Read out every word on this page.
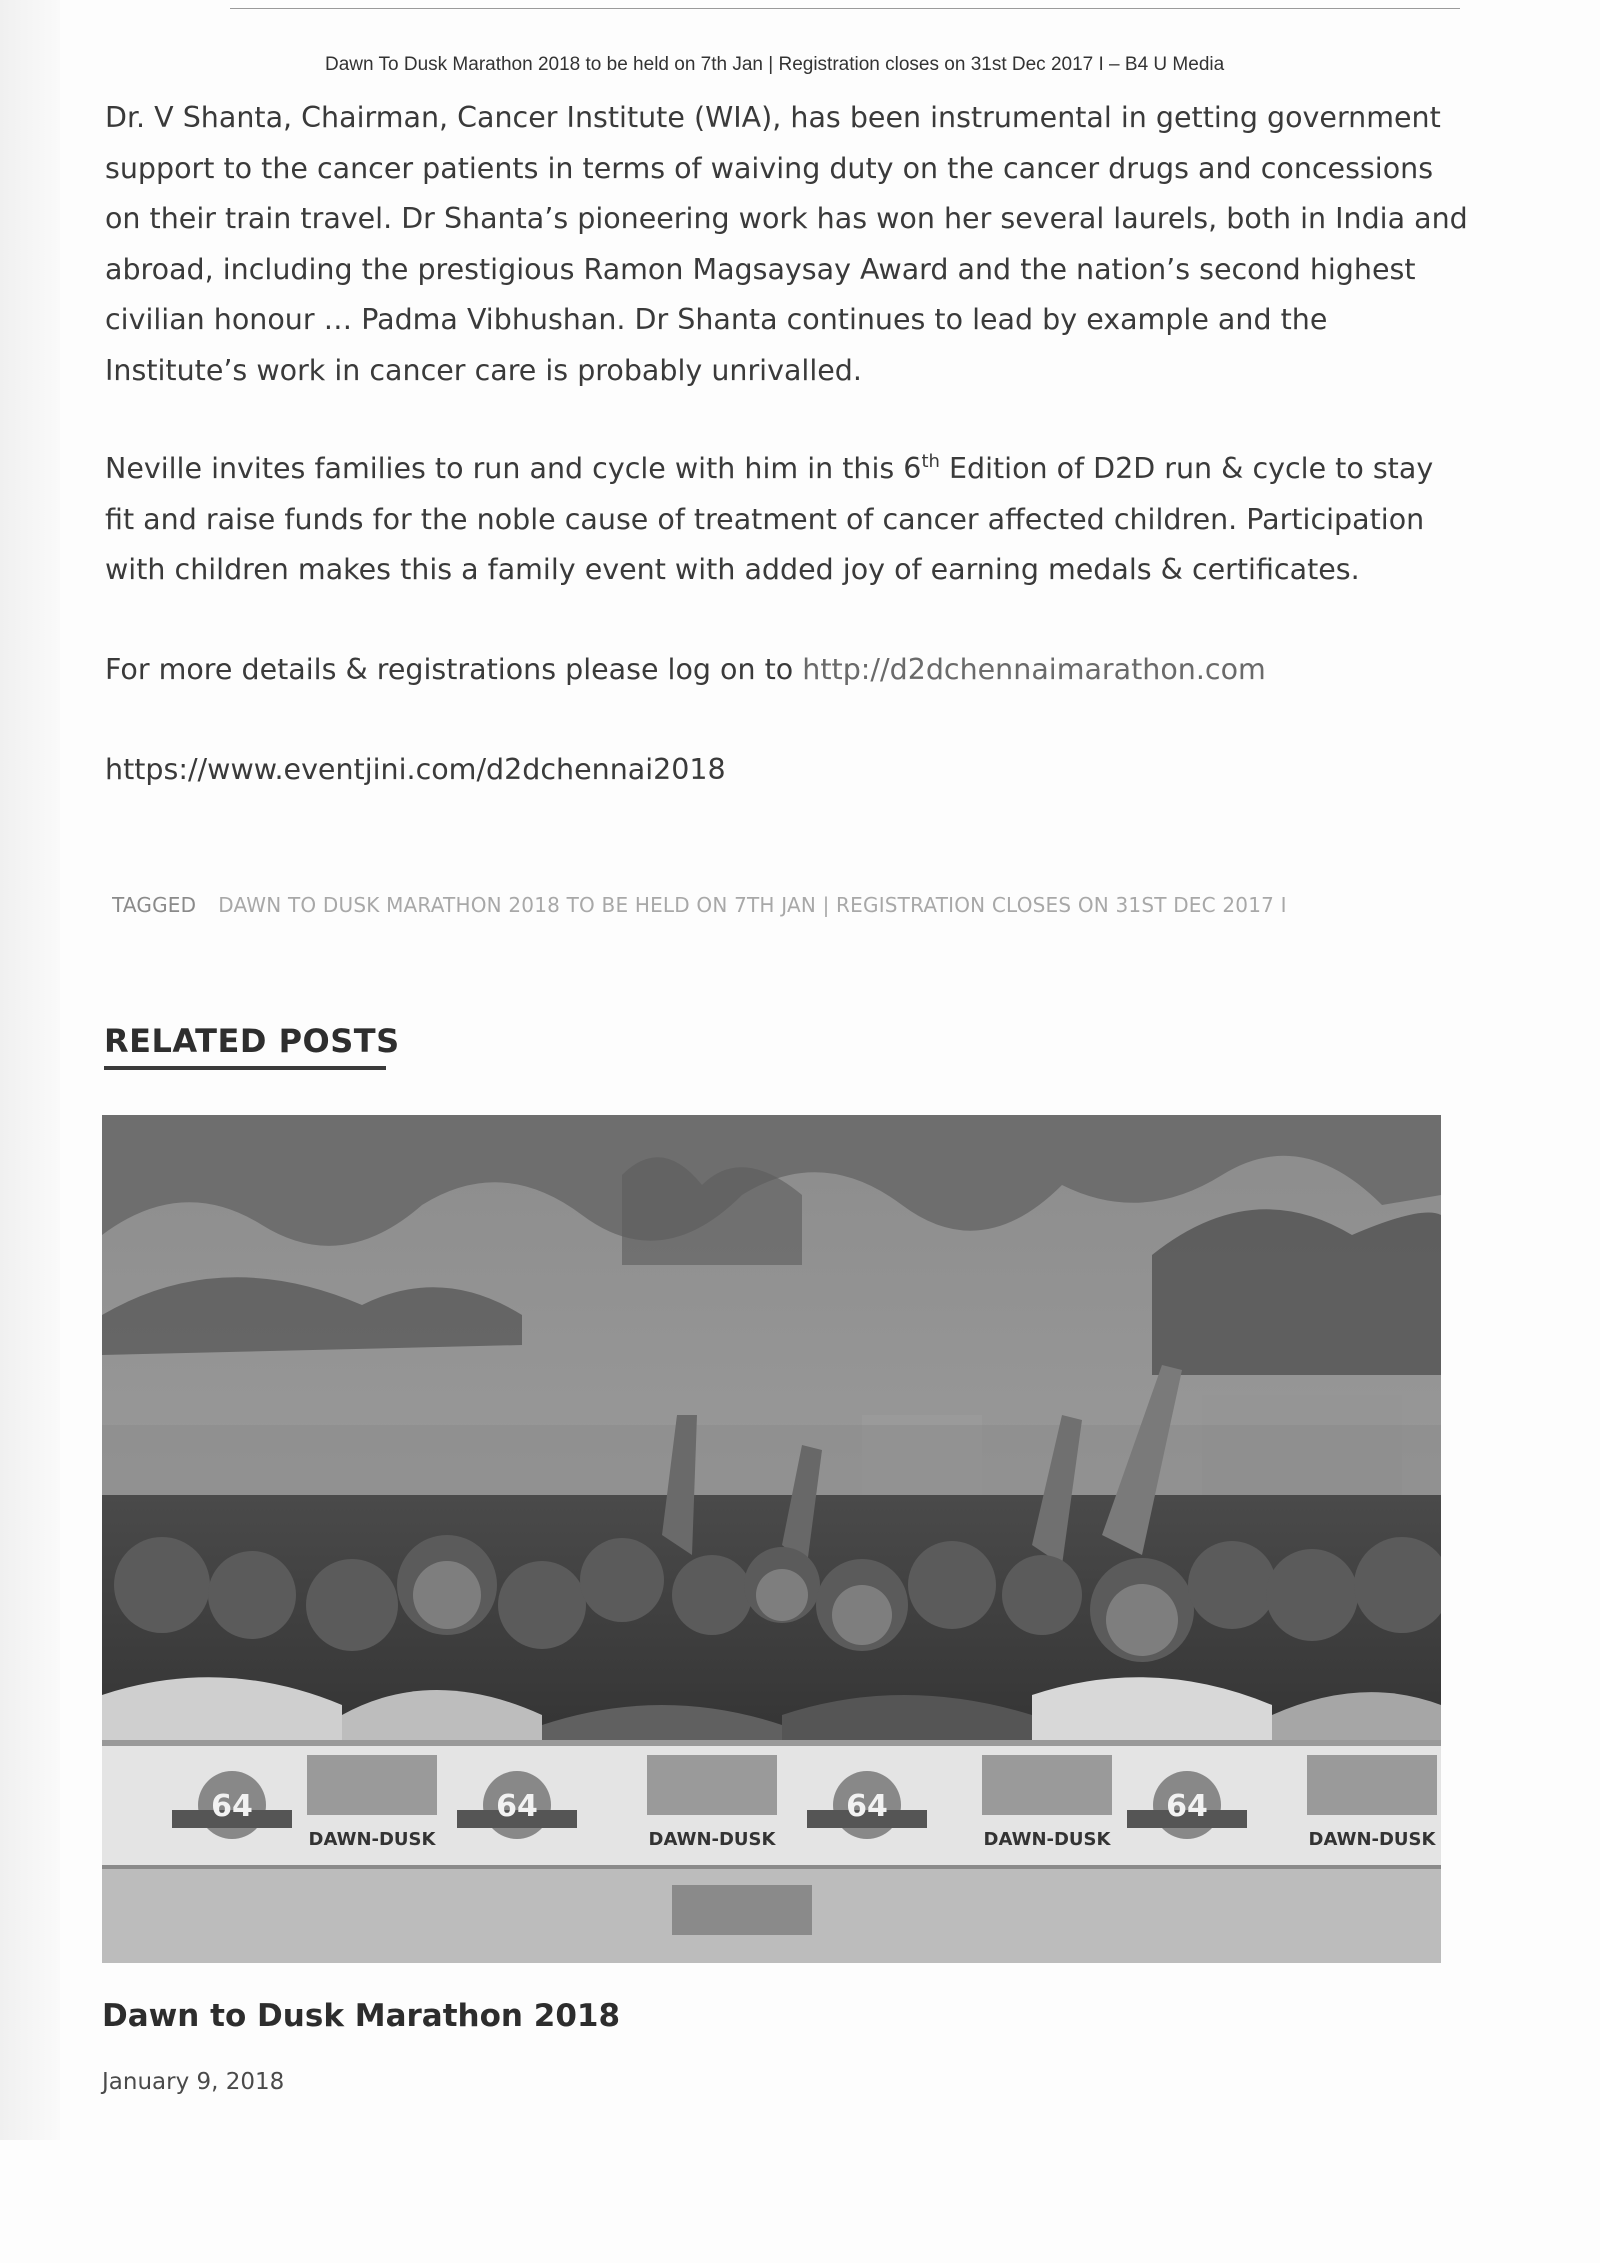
Dawn To Dusk Marathon 2018 to be held on 7th Jan | Registration closes on 31st Dec 2017 I – B4 U Media
Dr. V Shanta, Chairman, Cancer Institute (WIA), has been instrumental in getting government
support to the cancer patients in terms of waiving duty on the cancer drugs and concessions
on their train travel. Dr Shanta’s pioneering work has won her several laurels, both in India and
abroad, including the prestigious Ramon Magsaysay Award and the nation’s second highest
civilian honour … Padma Vibhushan. Dr Shanta continues to lead by example and the
Institute’s work in cancer care is probably unrivalled.
Neville invites families to run and cycle with him in this 6th Edition of D2D run & cycle to stay
fit and raise funds for the noble cause of treatment of cancer affected children. Participation
with children makes this a family event with added joy of earning medals & certificates.
For more details & registrations please log on to http://d2dchennaimarathon.com
https://www.eventjini.com/d2dchennai2018
TAGGED DAWN TO DUSK MARATHON 2018 TO BE HELD ON 7TH JAN | REGISTRATION CLOSES ON 31ST DEC 2017 I
RELATED POSTS
64	64	64	64
DAWN-DUSK	DAWN-DUSK	DAWN-DUSK	DAWN-DUSK
Dawn to Dusk Marathon 2018
January 9, 2018
